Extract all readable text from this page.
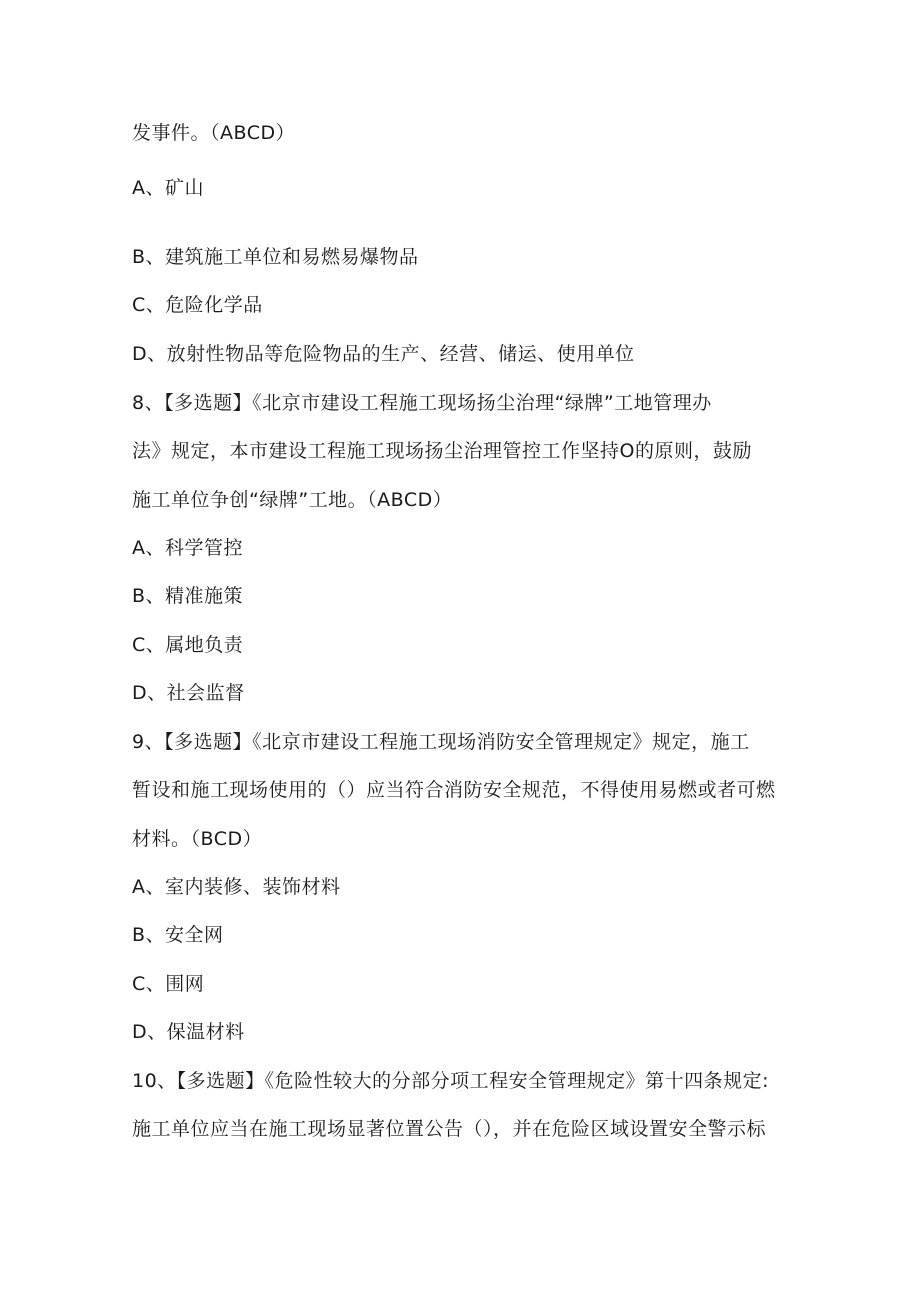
发事件。（ABCD）
A、矿山
B、建筑施工单位和易燃易爆物品
C、危险化学品
D、放射性物品等危险物品的生产、经营、储运、使用单位
8、【多选题】《北京市建设工程施工现场扬尘治理“绿牌”工地管理办
法》规定，本市建设工程施工现场扬尘治理管控工作坚持O的原则，鼓励
施工单位争创“绿牌”工地。（ABCD）
A、科学管控
B、精准施策
C、属地负责
D、社会监督
9、【多选题】《北京市建设工程施工现场消防安全管理规定》规定，施工
暂设和施工现场使用的（）应当符合消防安全规范，不得使用易燃或者可燃
材料。（BCD）
A、室内装修、装饰材料
B、安全网
C、围网
D、保温材料
10、【多选题】《危险性较大的分部分项工程安全管理规定》第十四条规定:
施工单位应当在施工现场显著位置公告（），并在危险区域设置安全警示标
